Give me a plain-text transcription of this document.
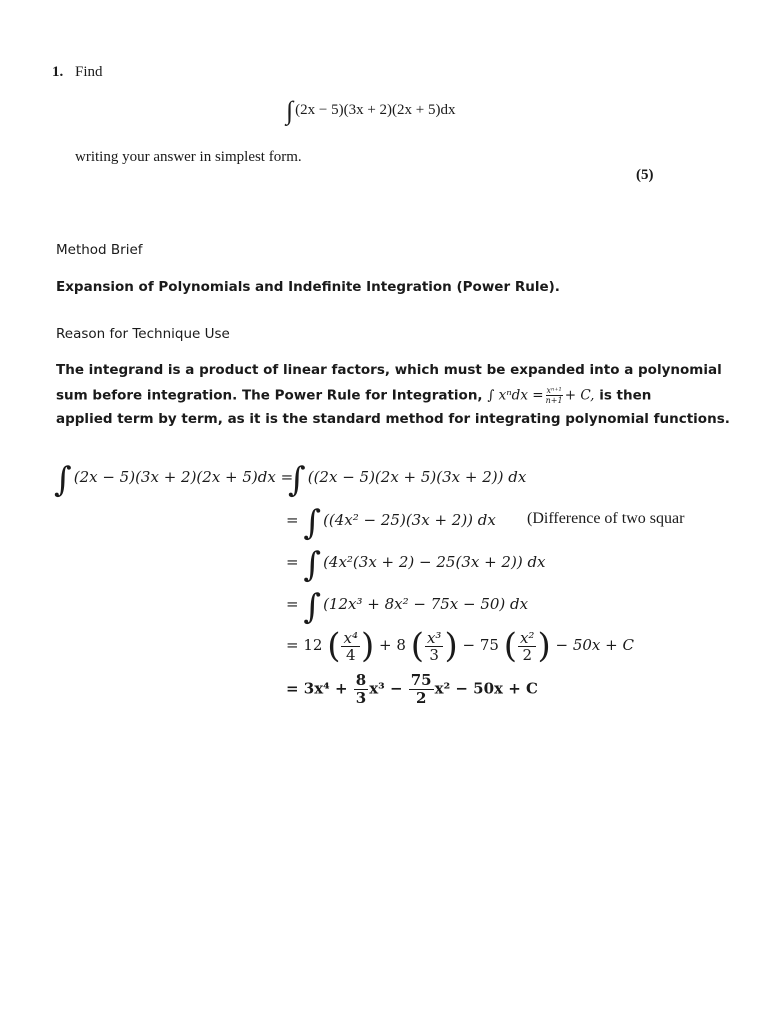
1. Find
∫ (2x − 5)(3x + 2)(2x + 5)dx
writing your answer in simplest form.
(5)
Method Brief
Expansion of Polynomials and Indefinite Integration (Power Rule).
Reason for Technique Use
The integrand is a product of linear factors, which must be expanded into a polynomial
sum before integration. The Power Rule for Integration, ∫ $x^ndx = \frac{\text{xⁿ⁺¹}}{n+1} + C$, is then
applied term by term, as it is the standard method for integrating polynomial functions.
∫ (2x − 5)(3x + 2)(2x + 5)dx =
∫ ((2x − 5)(2x + 5)(3x + 2)) dx
= ∫ ((4x² − 25)(3x + 2)) dx (Difference of two squar
= ∫ (4x²(3x + 2) − 25(3x + 2)) dx
= ∫ (12x³ + 8x² − 75x − 50) dx
= 12 ( $\frac{\text{x⁴}}{4}$ ) + 8 ( $\frac{\text{x³}}{3}$ ) − 75 ( $\frac{\text{x²}}{2}$ ) − 50x + C
= $3x^4 + \frac{8}{3} x^3 - \frac{75}{2} x^2 - 50x + C$
